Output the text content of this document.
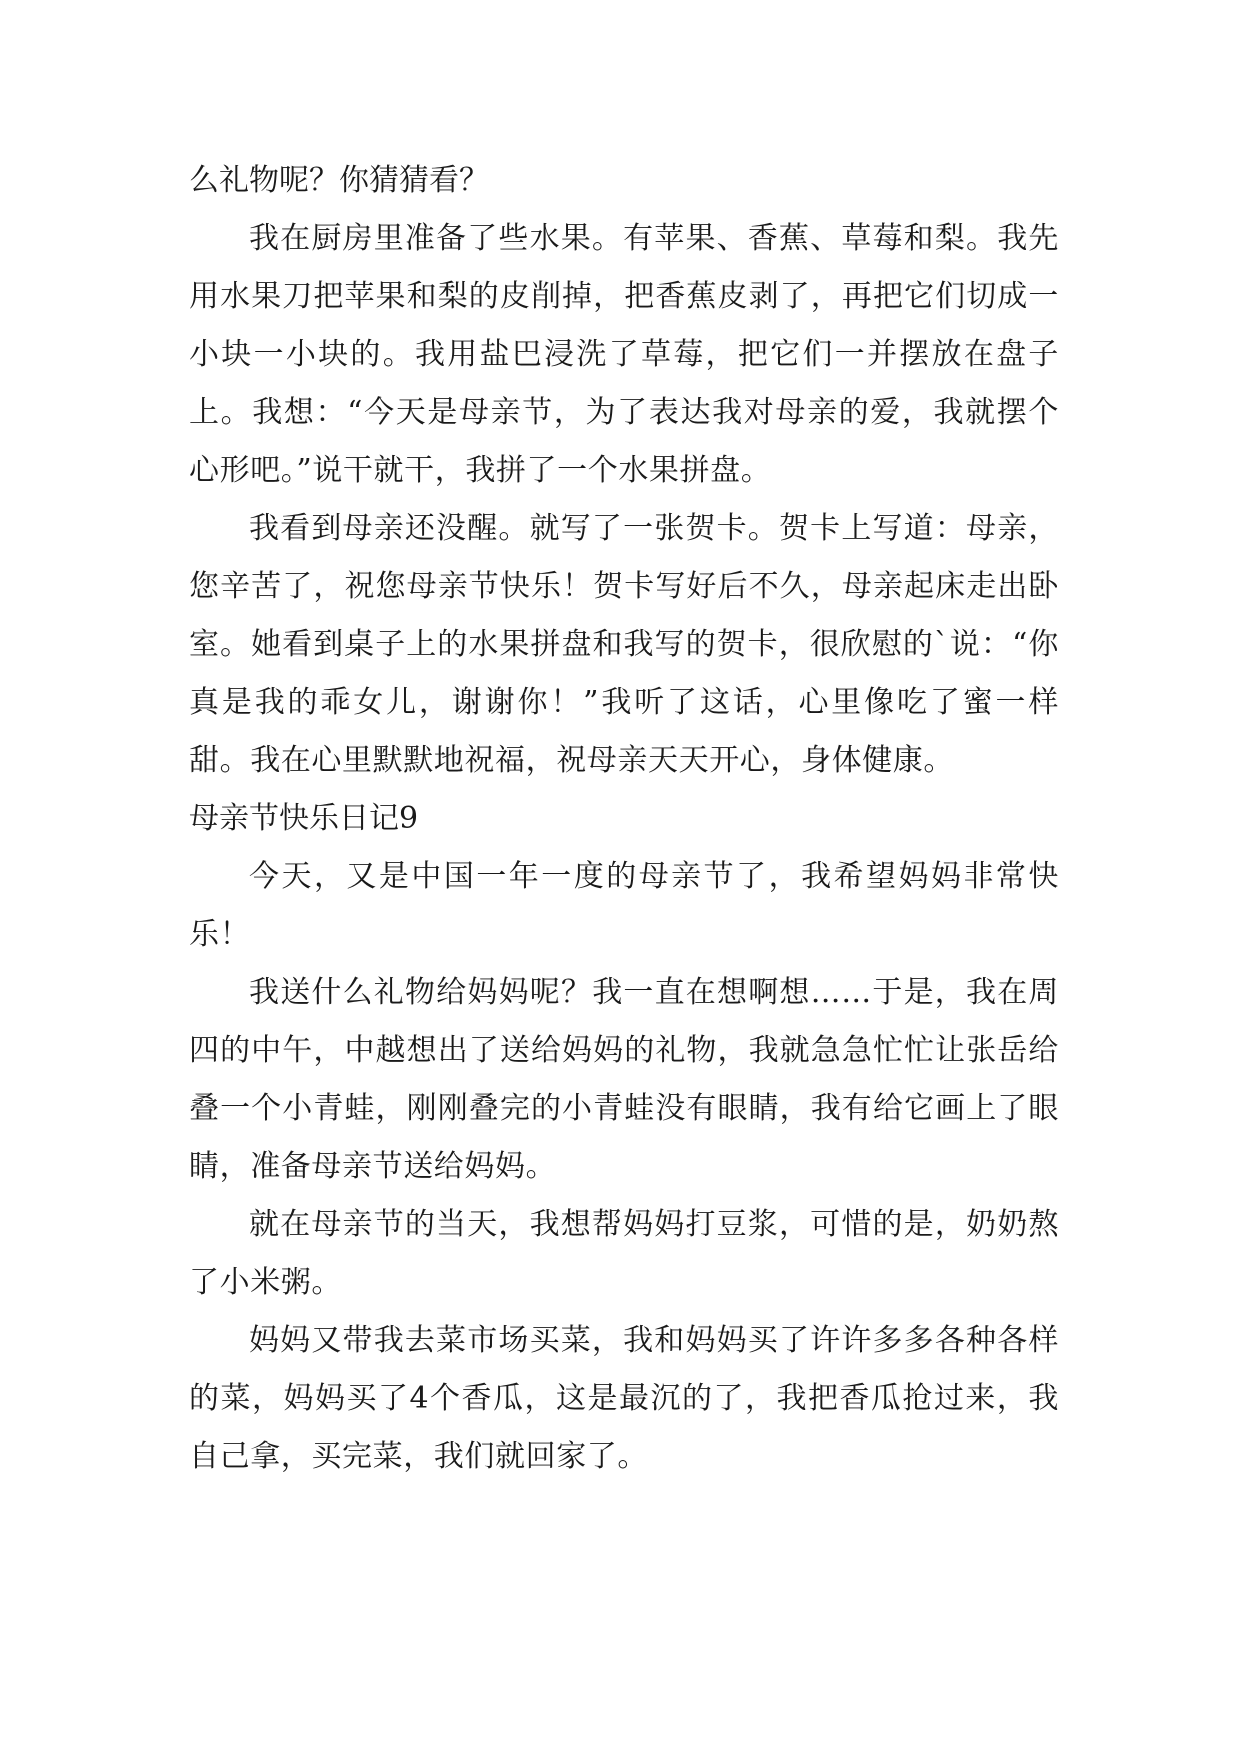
么礼物呢？你猜猜看？

我在厨房里准备了些水果。有苹果、香蕉、草莓和梨。我先用水果刀把苹果和梨的皮削掉，把香蕉皮剥了，再把它们切成一小块一小块的。我用盐巴浸洗了草莓，把它们一并摆放在盘子上。我想：“今天是母亲节，为了表达我对母亲的爱，我就摆个心形吧。”说干就干，我拼了一个水果拼盘。

我看到母亲还没醒。就写了一张贺卡。贺卡上写道：母亲，您辛苦了，祝您母亲节快乐！贺卡写好后不久，母亲起床走出卧室。她看到桌子上的水果拼盘和我写的贺卡，很欣慰的`说：“你真是我的乖女儿，谢谢你！”我听了这话，心里像吃了蜜一样甜。我在心里默默地祝福，祝母亲天天开心，身体健康。

母亲节快乐日记9

今天，又是中国一年一度的母亲节了，我希望妈妈非常快乐！

我送什么礼物给妈妈呢？我一直在想啊想……于是，我在周四的中午，中越想出了送给妈妈的礼物，我就急急忙忙让张岳给叠一个小青蛙，刚刚叠完的小青蛙没有眼睛，我有给它画上了眼睛，准备母亲节送给妈妈。

就在母亲节的当天，我想帮妈妈打豆浆，可惜的是，奶奶熬了小米粥。

妈妈又带我去菜市场买菜，我和妈妈买了许许多多各种各样的菜，妈妈买了4个香瓜，这是最沉的了，我把香瓜抢过来，我自己拿，买完菜，我们就回家了。
